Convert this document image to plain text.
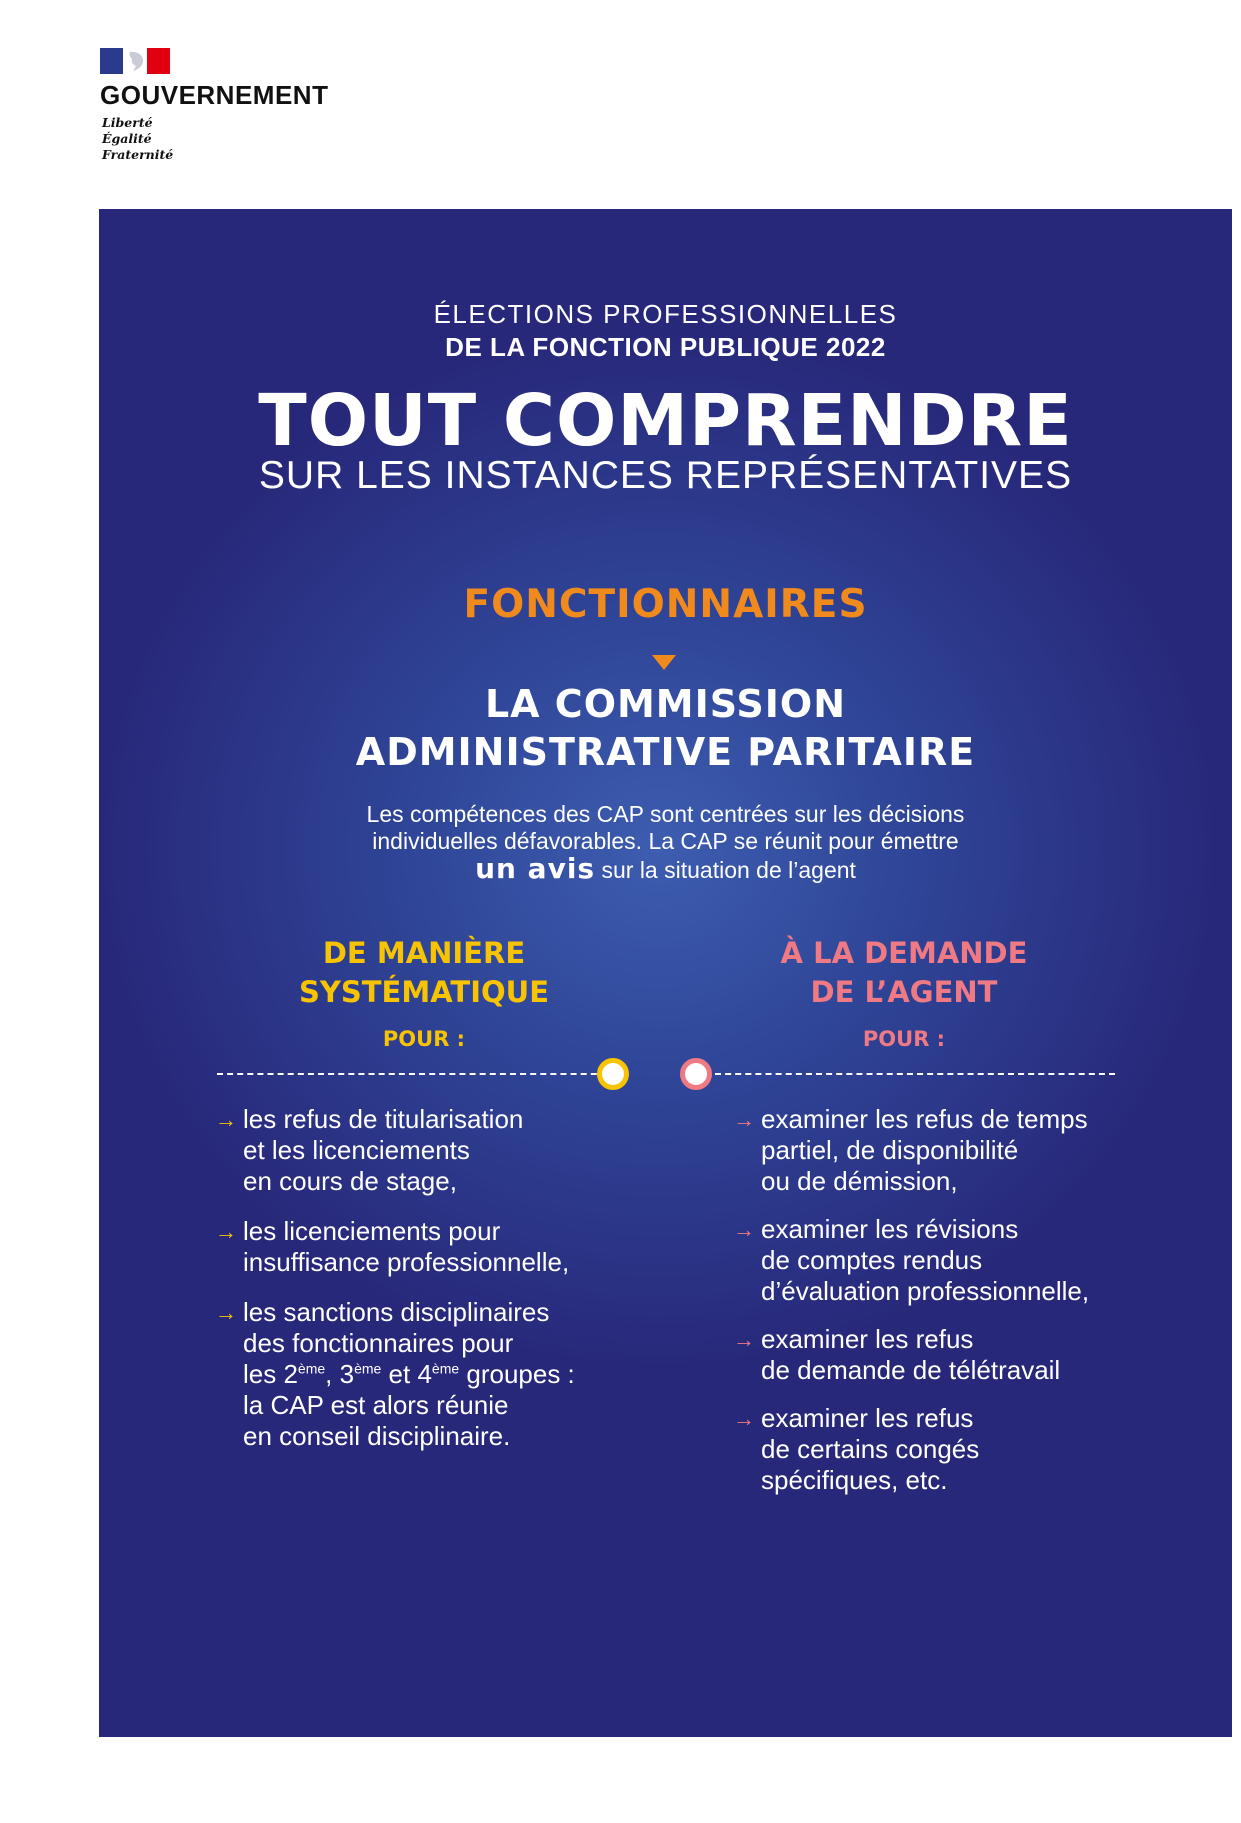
GOUVERNEMENT
Liberté
Égalité
Fraternité
ÉLECTIONS PROFESSIONNELLES
DE LA FONCTION PUBLIQUE 2022
TOUT COMPRENDRE
SUR LES INSTANCES REPRÉSENTATIVES
FONCTIONNAIRES
LA COMMISSION
ADMINISTRATIVE PARITAIRE
Les compétences des CAP sont centrées sur les décisions
individuelles défavorables. La CAP se réunit pour émettre
un avis sur la situation de l’agent
DE MANIÈRE
SYSTÉMATIQUE
À LA DEMANDE
DE L’AGENT
POUR :	POUR :
→ les refus de titularisation
et les licenciements
en cours de stage,
→ les licenciements pour
insuffisance professionnelle,
→ les sanctions disciplinaires
des fonctionnaires pour
les 2ème, 3ème et 4ème groupes :
la CAP est alors réunie
en conseil disciplinaire.
→ examiner les refus de temps
partiel, de disponibilité
ou de démission,
→ examiner les révisions
de comptes rendus
d’évaluation professionnelle,
→ examiner les refus
de demande de télétravail
→ examiner les refus
de certains congés
spécifiques, etc.
